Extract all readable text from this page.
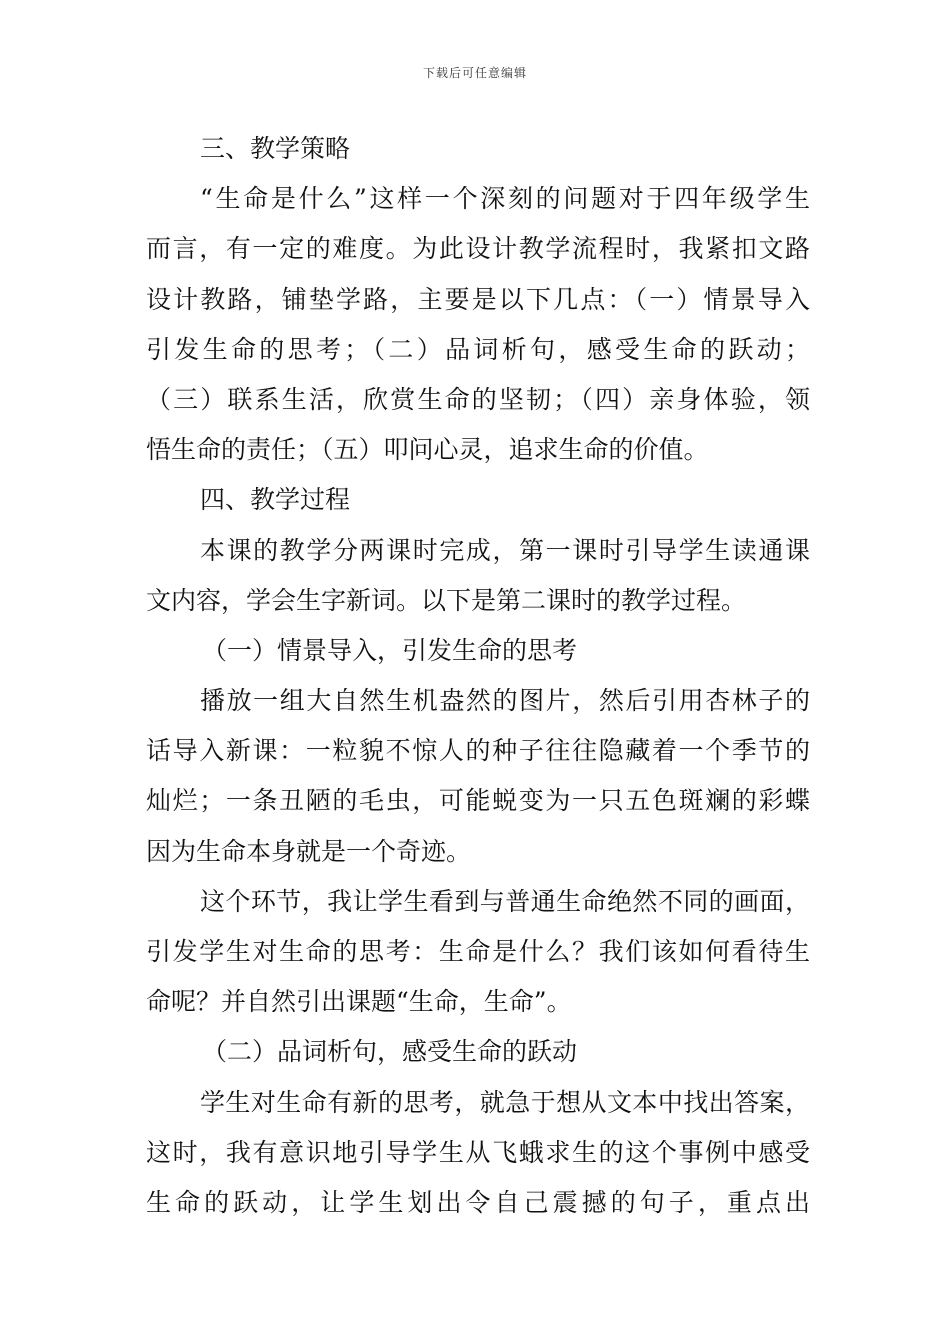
下载后可任意编辑
三、教学策略
“生命是什么”这样一个深刻的问题对于四年级学生
而言，有一定的难度。为此设计教学流程时，我紧扣文路
设计教路，铺垫学路，主要是以下几点：（一）情景导入
引发生命的思考；（二）品词析句，感受生命的跃动；
（三）联系生活，欣赏生命的坚韧；（四）亲身体验，领
悟生命的责任；（五）叩问心灵，追求生命的价值。
四、教学过程
本课的教学分两课时完成，第一课时引导学生读通课
文内容，学会生字新词。以下是第二课时的教学过程。
（一）情景导入，引发生命的思考
播放一组大自然生机盎然的图片，然后引用杏林子的
话导入新课：一粒貌不惊人的种子往往隐藏着一个季节的
灿烂；一条丑陋的毛虫，可能蜕变为一只五色斑斓的彩蝶
因为生命本身就是一个奇迹。
这个环节，我让学生看到与普通生命绝然不同的画面，
引发学生对生命的思考：生命是什么？我们该如何看待生
命呢？并自然引出课题“生命，生命”。
（二）品词析句，感受生命的跃动
学生对生命有新的思考，就急于想从文本中找出答案，
这时，我有意识地引导学生从飞蛾求生的这个事例中感受
生命的跃动，让学生划出令自己震撼的句子，重点出
